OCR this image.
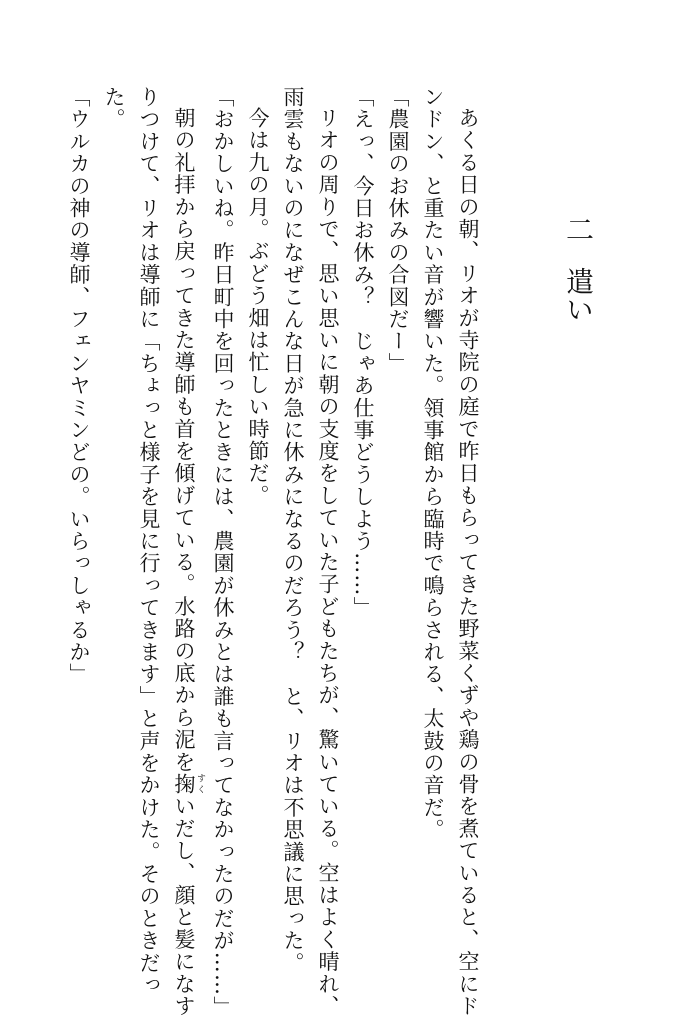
二遣い
あくる日の朝、リオが寺院の庭で昨日もらってきた野菜くずや鶏の骨を煮ていると、空にド
ンドン、と重たい音が響いた。領事館から臨時で鳴らされる、太鼓の音だ。
「農園のお休みの合図だー」
「えっ、今日お休み？　じゃあ仕事どうしよう……」
リオの周りで、思い思いに朝の支度をしていた子どもたちが、驚いている。空はよく晴れ、
雨雲もないのになぜこんな日が急に休みになるのだろう？　と、リオは不思議に思った。
今は九の月。ぶどう畑は忙しい時節だ。
「おかしいね。昨日町中を回ったときには、農園が休みとは誰も言ってなかったのだが……」
朝の礼拝から戻ってきた導師も首を傾げている。水路の底から泥を掬 すくいだし、顔と髪になす
りつけて、リオは導師に「ちょっと様子を見に行ってきます」と声をかけた。そのときだっ
た。
「ウルカの神の導師、フェンヤミンどの。いらっしゃるか」
